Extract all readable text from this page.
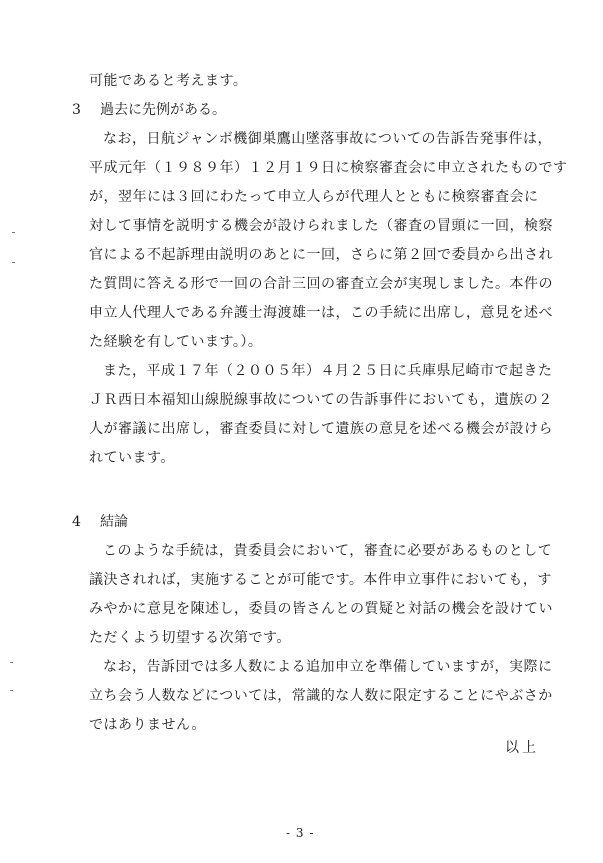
可能であると考えます。
3 過去に先例がある。
なお，日航ジャンボ機御巣鷹山墜落事故についての告訴告発事件は，
平成元年（１９８９年）１２月１９日に検察審査会に申立されたものです
が，翌年には３回にわたって申立人らが代理人とともに検察審査会に
対して事情を説明する機会が設けられました（審査の冒頭に一回，検察
官による不起訴理由説明のあとに一回，さらに第２回で委員から出され
た質問に答える形で一回の合計三回の審査立会が実現しました。本件の
申立人代理人である弁護士海渡雄一は，この手続に出席し，意見を述べ
た経験を有しています。）。
また，平成１７年（２００５年）４月２５日に兵庫県尼崎市で起きた
ＪＲ西日本福知山線脱線事故についての告訴事件においても，遺族の２
人が審議に出席し，審査委員に対して遺族の意見を述べる機会が設けら
れています。
4 結論
このような手続は，貴委員会において，審査に必要があるものとして
議決されれば，実施することが可能です。本件申立事件においても，す
みやかに意見を陳述し，委員の皆さんとの質疑と対話の機会を設けてい
ただくよう切望する次第です。
なお，告訴団では多人数による追加申立を準備していますが，実際に
立ち会う人数などについては，常識的な人数に限定することにやぶさか
ではありません。
以上
- 3 -
